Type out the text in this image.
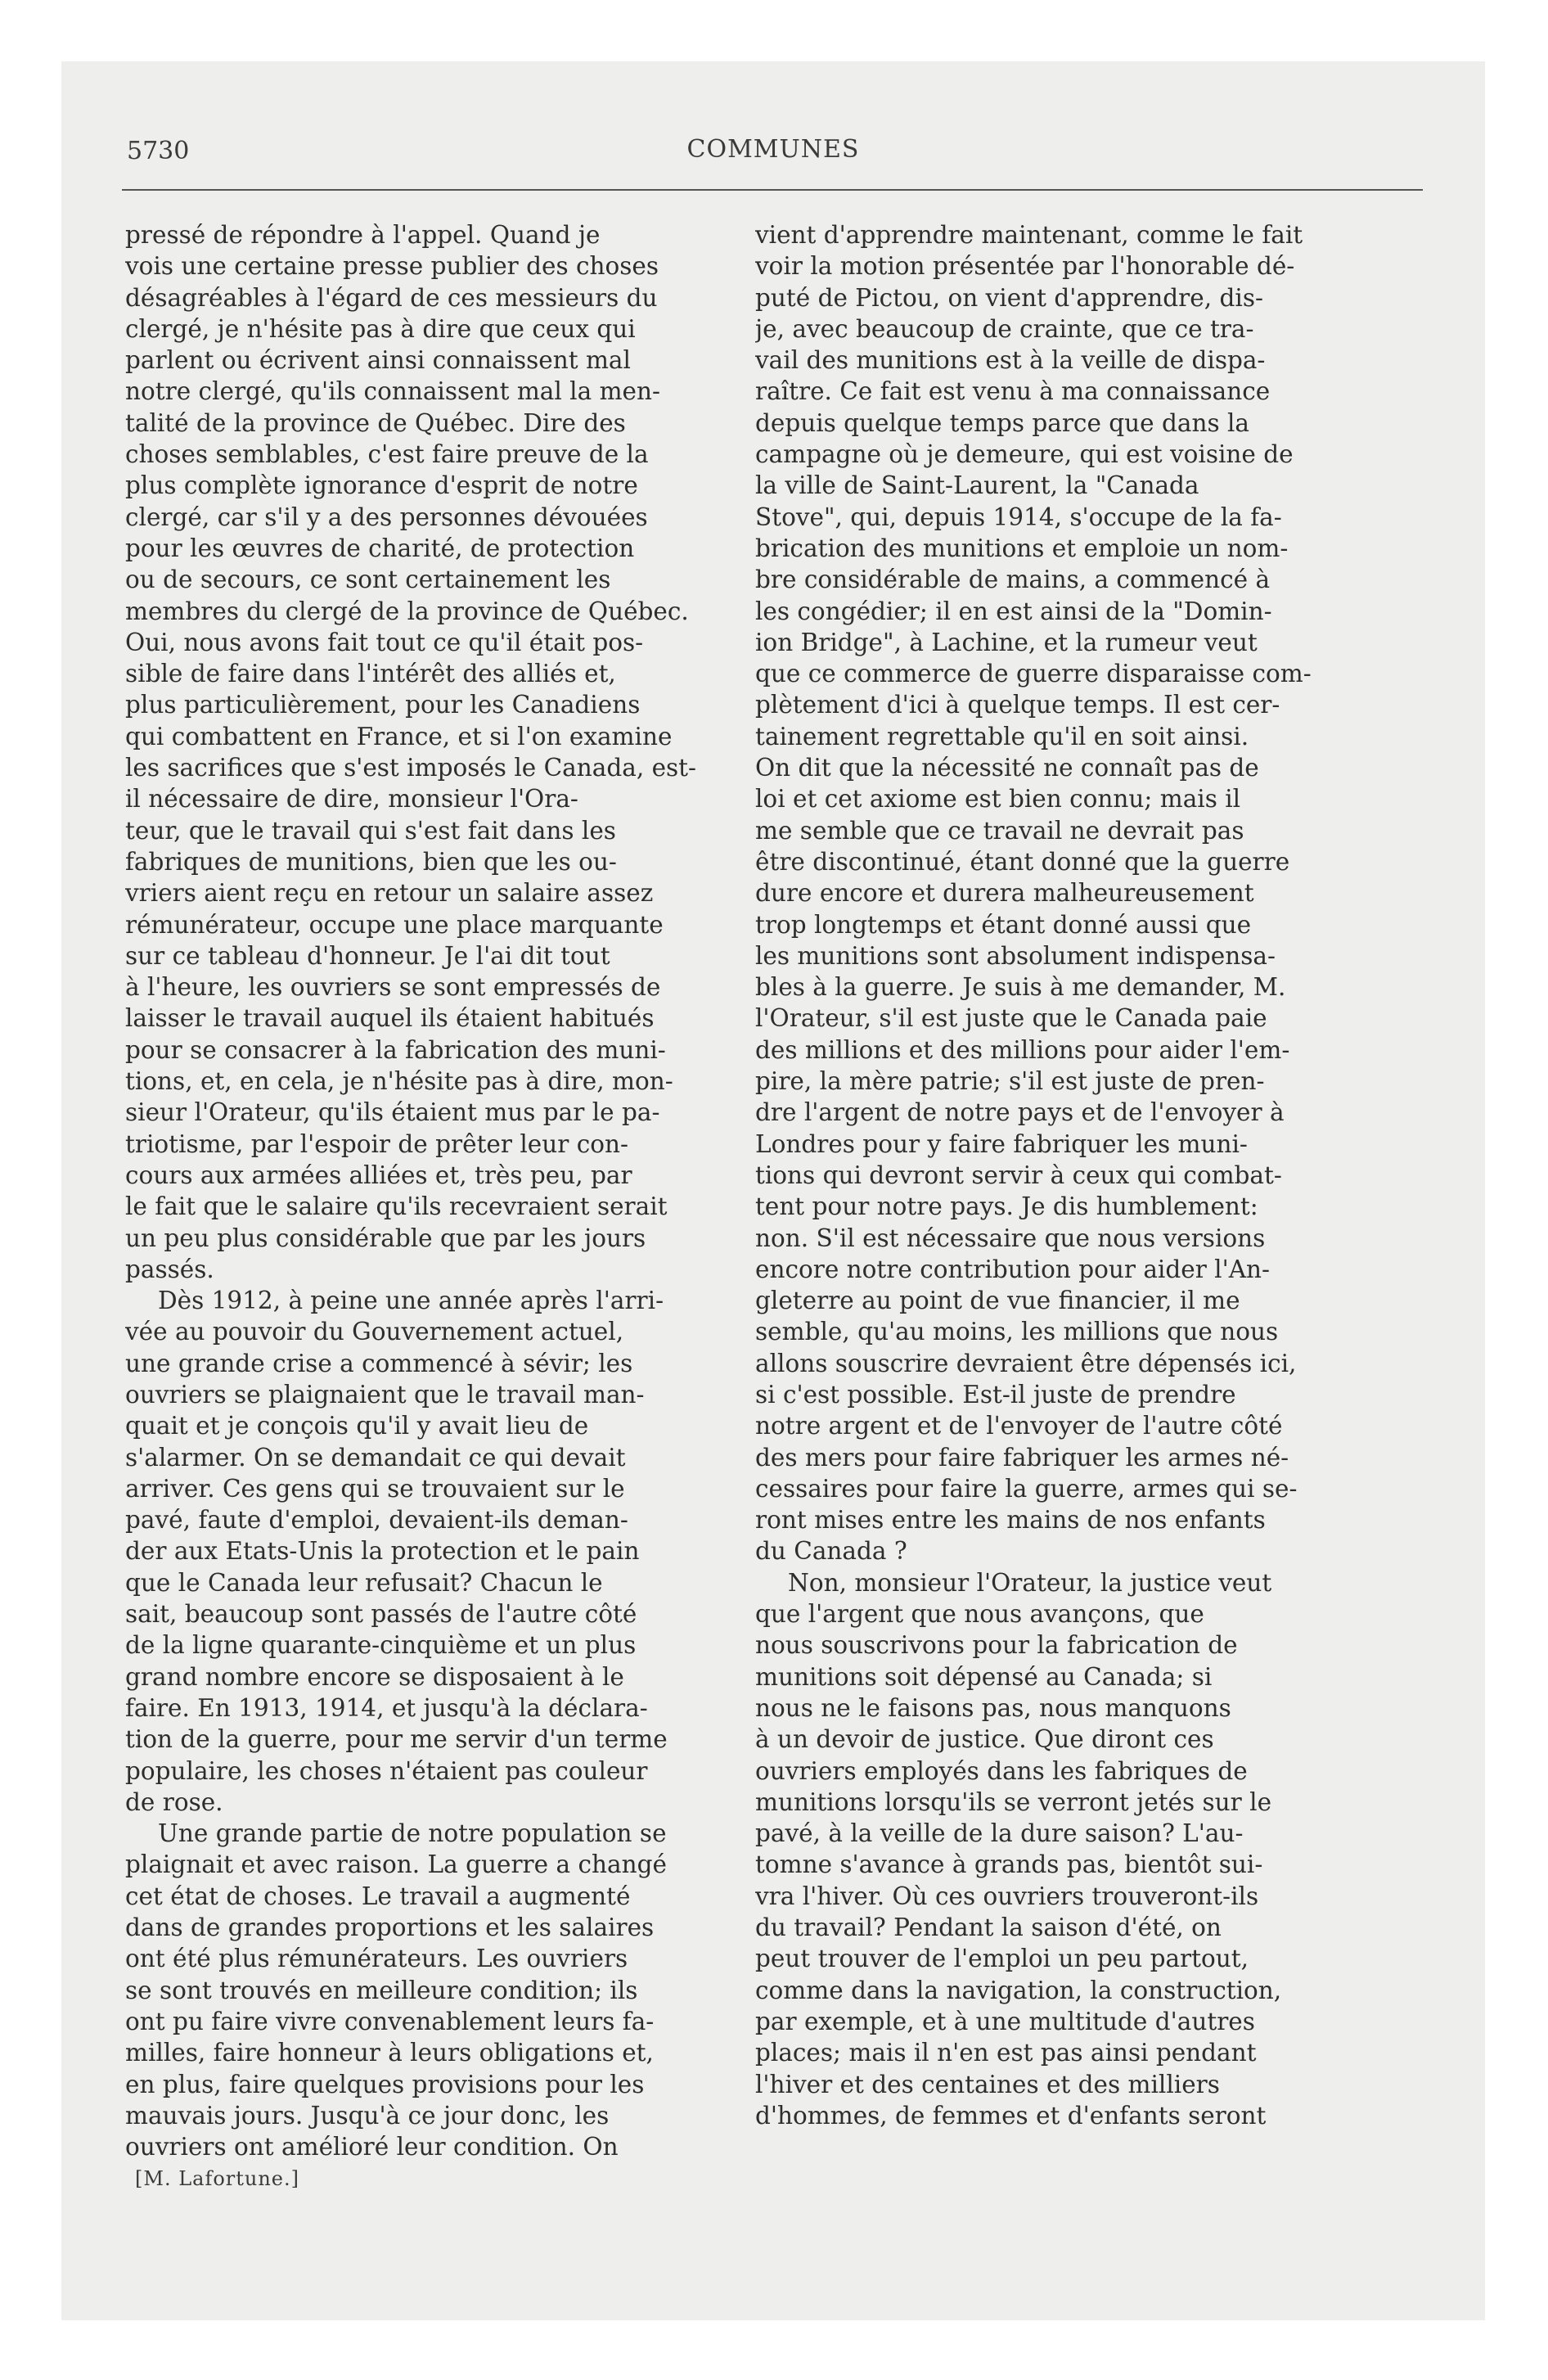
5730	COMMUNES
pressé de répondre à l'appel. Quand je
vois une certaine presse publier des choses
désagréables à l'égard de ces messieurs du
clergé, je n'hésite pas à dire que ceux qui
parlent ou écrivent ainsi connaissent mal
notre clergé, qu'ils connaissent mal la men-
talité de la province de Québec. Dire des
choses semblables, c'est faire preuve de la
plus complète ignorance d'esprit de notre
clergé, car s'il y a des personnes dévouées
pour les œuvres de charité, de protection
ou de secours, ce sont certainement les
membres du clergé de la province de Québec.
Oui, nous avons fait tout ce qu'il était pos-
sible de faire dans l'intérêt des alliés et,
plus particulièrement, pour les Canadiens
qui combattent en France, et si l'on examine
les sacrifices que s'est imposés le Canada, est-
il nécessaire de dire, monsieur l'Ora-
teur, que le travail qui s'est fait dans les
fabriques de munitions, bien que les ou-
vriers aient reçu en retour un salaire assez
rémunérateur, occupe une place marquante
sur ce tableau d'honneur. Je l'ai dit tout
à l'heure, les ouvriers se sont empressés de
laisser le travail auquel ils étaient habitués
pour se consacrer à la fabrication des muni-
tions, et, en cela, je n'hésite pas à dire, mon-
sieur l'Orateur, qu'ils étaient mus par le pa-
triotisme, par l'espoir de prêter leur con-
cours aux armées alliées et, très peu, par
le fait que le salaire qu'ils recevraient serait
un peu plus considérable que par les jours
passés.
Dès 1912, à peine une année après l'arri-
vée au pouvoir du Gouvernement actuel,
une grande crise a commencé à sévir; les
ouvriers se plaignaient que le travail man-
quait et je conçois qu'il y avait lieu de
s'alarmer. On se demandait ce qui devait
arriver. Ces gens qui se trouvaient sur le
pavé, faute d'emploi, devaient-ils deman-
der aux Etats-Unis la protection et le pain
que le Canada leur refusait? Chacun le
sait, beaucoup sont passés de l'autre côté
de la ligne quarante-cinquième et un plus
grand nombre encore se disposaient à le
faire. En 1913, 1914, et jusqu'à la déclara-
tion de la guerre, pour me servir d'un terme
populaire, les choses n'étaient pas couleur
de rose.
Une grande partie de notre population se
plaignait et avec raison. La guerre a changé
cet état de choses. Le travail a augmenté
dans de grandes proportions et les salaires
ont été plus rémunérateurs. Les ouvriers
se sont trouvés en meilleure condition; ils
ont pu faire vivre convenablement leurs fa-
milles, faire honneur à leurs obligations et,
en plus, faire quelques provisions pour les
mauvais jours. Jusqu'à ce jour donc, les
ouvriers ont amélioré leur condition. On
vient d'apprendre maintenant, comme le fait
voir la motion présentée par l'honorable dé-
puté de Pictou, on vient d'apprendre, dis-
je, avec beaucoup de crainte, que ce tra-
vail des munitions est à la veille de dispa-
raître. Ce fait est venu à ma connaissance
depuis quelque temps parce que dans la
campagne où je demeure, qui est voisine de
la ville de Saint-Laurent, la "Canada
Stove", qui, depuis 1914, s'occupe de la fa-
brication des munitions et emploie un nom-
bre considérable de mains, a commencé à
les congédier; il en est ainsi de la "Domin-
ion Bridge", à Lachine, et la rumeur veut
que ce commerce de guerre disparaisse com-
plètement d'ici à quelque temps. Il est cer-
tainement regrettable qu'il en soit ainsi.
On dit que la nécessité ne connaît pas de
loi et cet axiome est bien connu; mais il
me semble que ce travail ne devrait pas
être discontinué, étant donné que la guerre
dure encore et durera malheureusement
trop longtemps et étant donné aussi que
les munitions sont absolument indispensa-
bles à la guerre. Je suis à me demander, M.
l'Orateur, s'il est juste que le Canada paie
des millions et des millions pour aider l'em-
pire, la mère patrie; s'il est juste de pren-
dre l'argent de notre pays et de l'envoyer à
Londres pour y faire fabriquer les muni-
tions qui devront servir à ceux qui combat-
tent pour notre pays. Je dis humblement:
non. S'il est nécessaire que nous versions
encore notre contribution pour aider l'An-
gleterre au point de vue financier, il me
semble, qu'au moins, les millions que nous
allons souscrire devraient être dépensés ici,
si c'est possible. Est-il juste de prendre
notre argent et de l'envoyer de l'autre côté
des mers pour faire fabriquer les armes né-
cessaires pour faire la guerre, armes qui se-
ront mises entre les mains de nos enfants
du Canada ?
Non, monsieur l'Orateur, la justice veut
que l'argent que nous avançons, que
nous souscrivons pour la fabrication de
munitions soit dépensé au Canada; si
nous ne le faisons pas, nous manquons
à un devoir de justice. Que diront ces
ouvriers employés dans les fabriques de
munitions lorsqu'ils se verront jetés sur le
pavé, à la veille de la dure saison? L'au-
tomne s'avance à grands pas, bientôt sui-
vra l'hiver. Où ces ouvriers trouveront-ils
du travail? Pendant la saison d'été, on
peut trouver de l'emploi un peu partout,
comme dans la navigation, la construction,
par exemple, et à une multitude d'autres
places; mais il n'en est pas ainsi pendant
l'hiver et des centaines et des milliers
d'hommes, de femmes et d'enfants seront
[M. Lafortune.]
